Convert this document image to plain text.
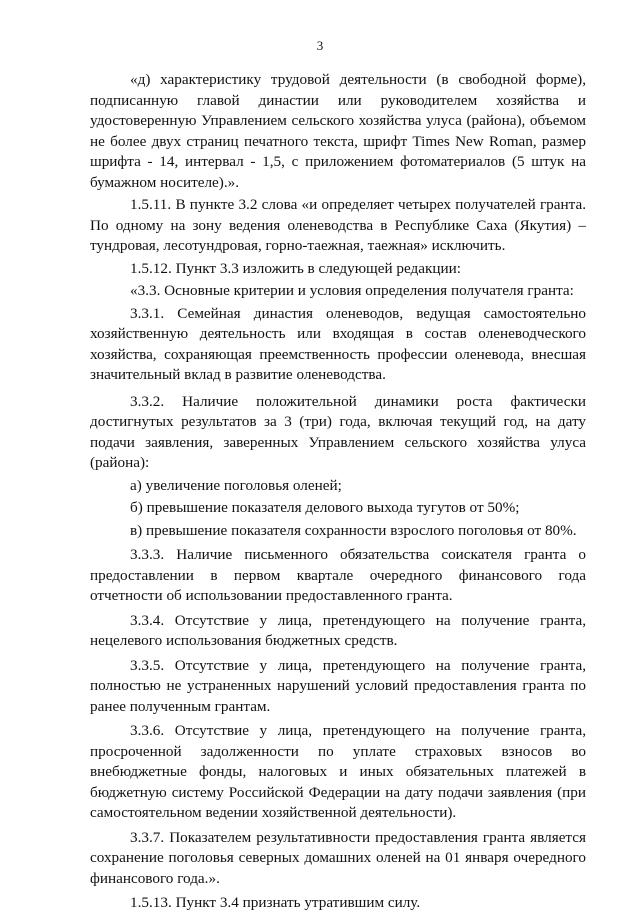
3

«д) характеристику трудовой деятельности (в свободной форме), подписанную главой династии или руководителем хозяйства и удостоверенную Управлением сельского хозяйства улуса (района), объемом не более двух страниц печатного текста, шрифт Times New Roman, размер шрифта - 14, интервал - 1,5, с приложением фотоматериалов (5 штук на бумажном носителе).».

1.5.11. В пункте 3.2 слова «и определяет четырех получателей гранта. По одному на зону ведения оленеводства в Республике Саха (Якутия) – тундровая, лесотундровая, горно-таежная, таежная» исключить.

1.5.12. Пункт 3.3 изложить в следующей редакции:

«3.3. Основные критерии и условия определения получателя гранта:

3.3.1. Семейная династия оленеводов, ведущая самостоятельно хозяйственную деятельность или входящая в состав оленеводческого хозяйства, сохраняющая преемственность профессии оленевода, внесшая значительный вклад в развитие оленеводства.

3.3.2. Наличие положительной динамики роста фактически достигнутых результатов за 3 (три) года, включая текущий год, на дату подачи заявления, заверенных Управлением сельского хозяйства улуса (района):

а) увеличение поголовья оленей;

б) превышение показателя делового выхода тугутов от 50%;

в) превышение показателя сохранности взрослого поголовья от 80%.

3.3.3. Наличие письменного обязательства соискателя гранта о предоставлении в первом квартале очередного финансового года отчетности об использовании предоставленного гранта.

3.3.4. Отсутствие у лица, претендующего на получение гранта, нецелевого использования бюджетных средств.

3.3.5. Отсутствие у лица, претендующего на получение гранта, полностью не устраненных нарушений условий предоставления гранта по ранее полученным грантам.

3.3.6. Отсутствие у лица, претендующего на получение гранта, просроченной задолженности по уплате страховых взносов во внебюджетные фонды, налоговых и иных обязательных платежей в бюджетную систему Российской Федерации на дату подачи заявления (при самостоятельном ведении хозяйственной деятельности).

3.3.7. Показателем результативности предоставления гранта является сохранение поголовья северных домашних оленей на 01 января очередного финансового года.».

1.5.13. Пункт 3.4 признать утратившим силу.
